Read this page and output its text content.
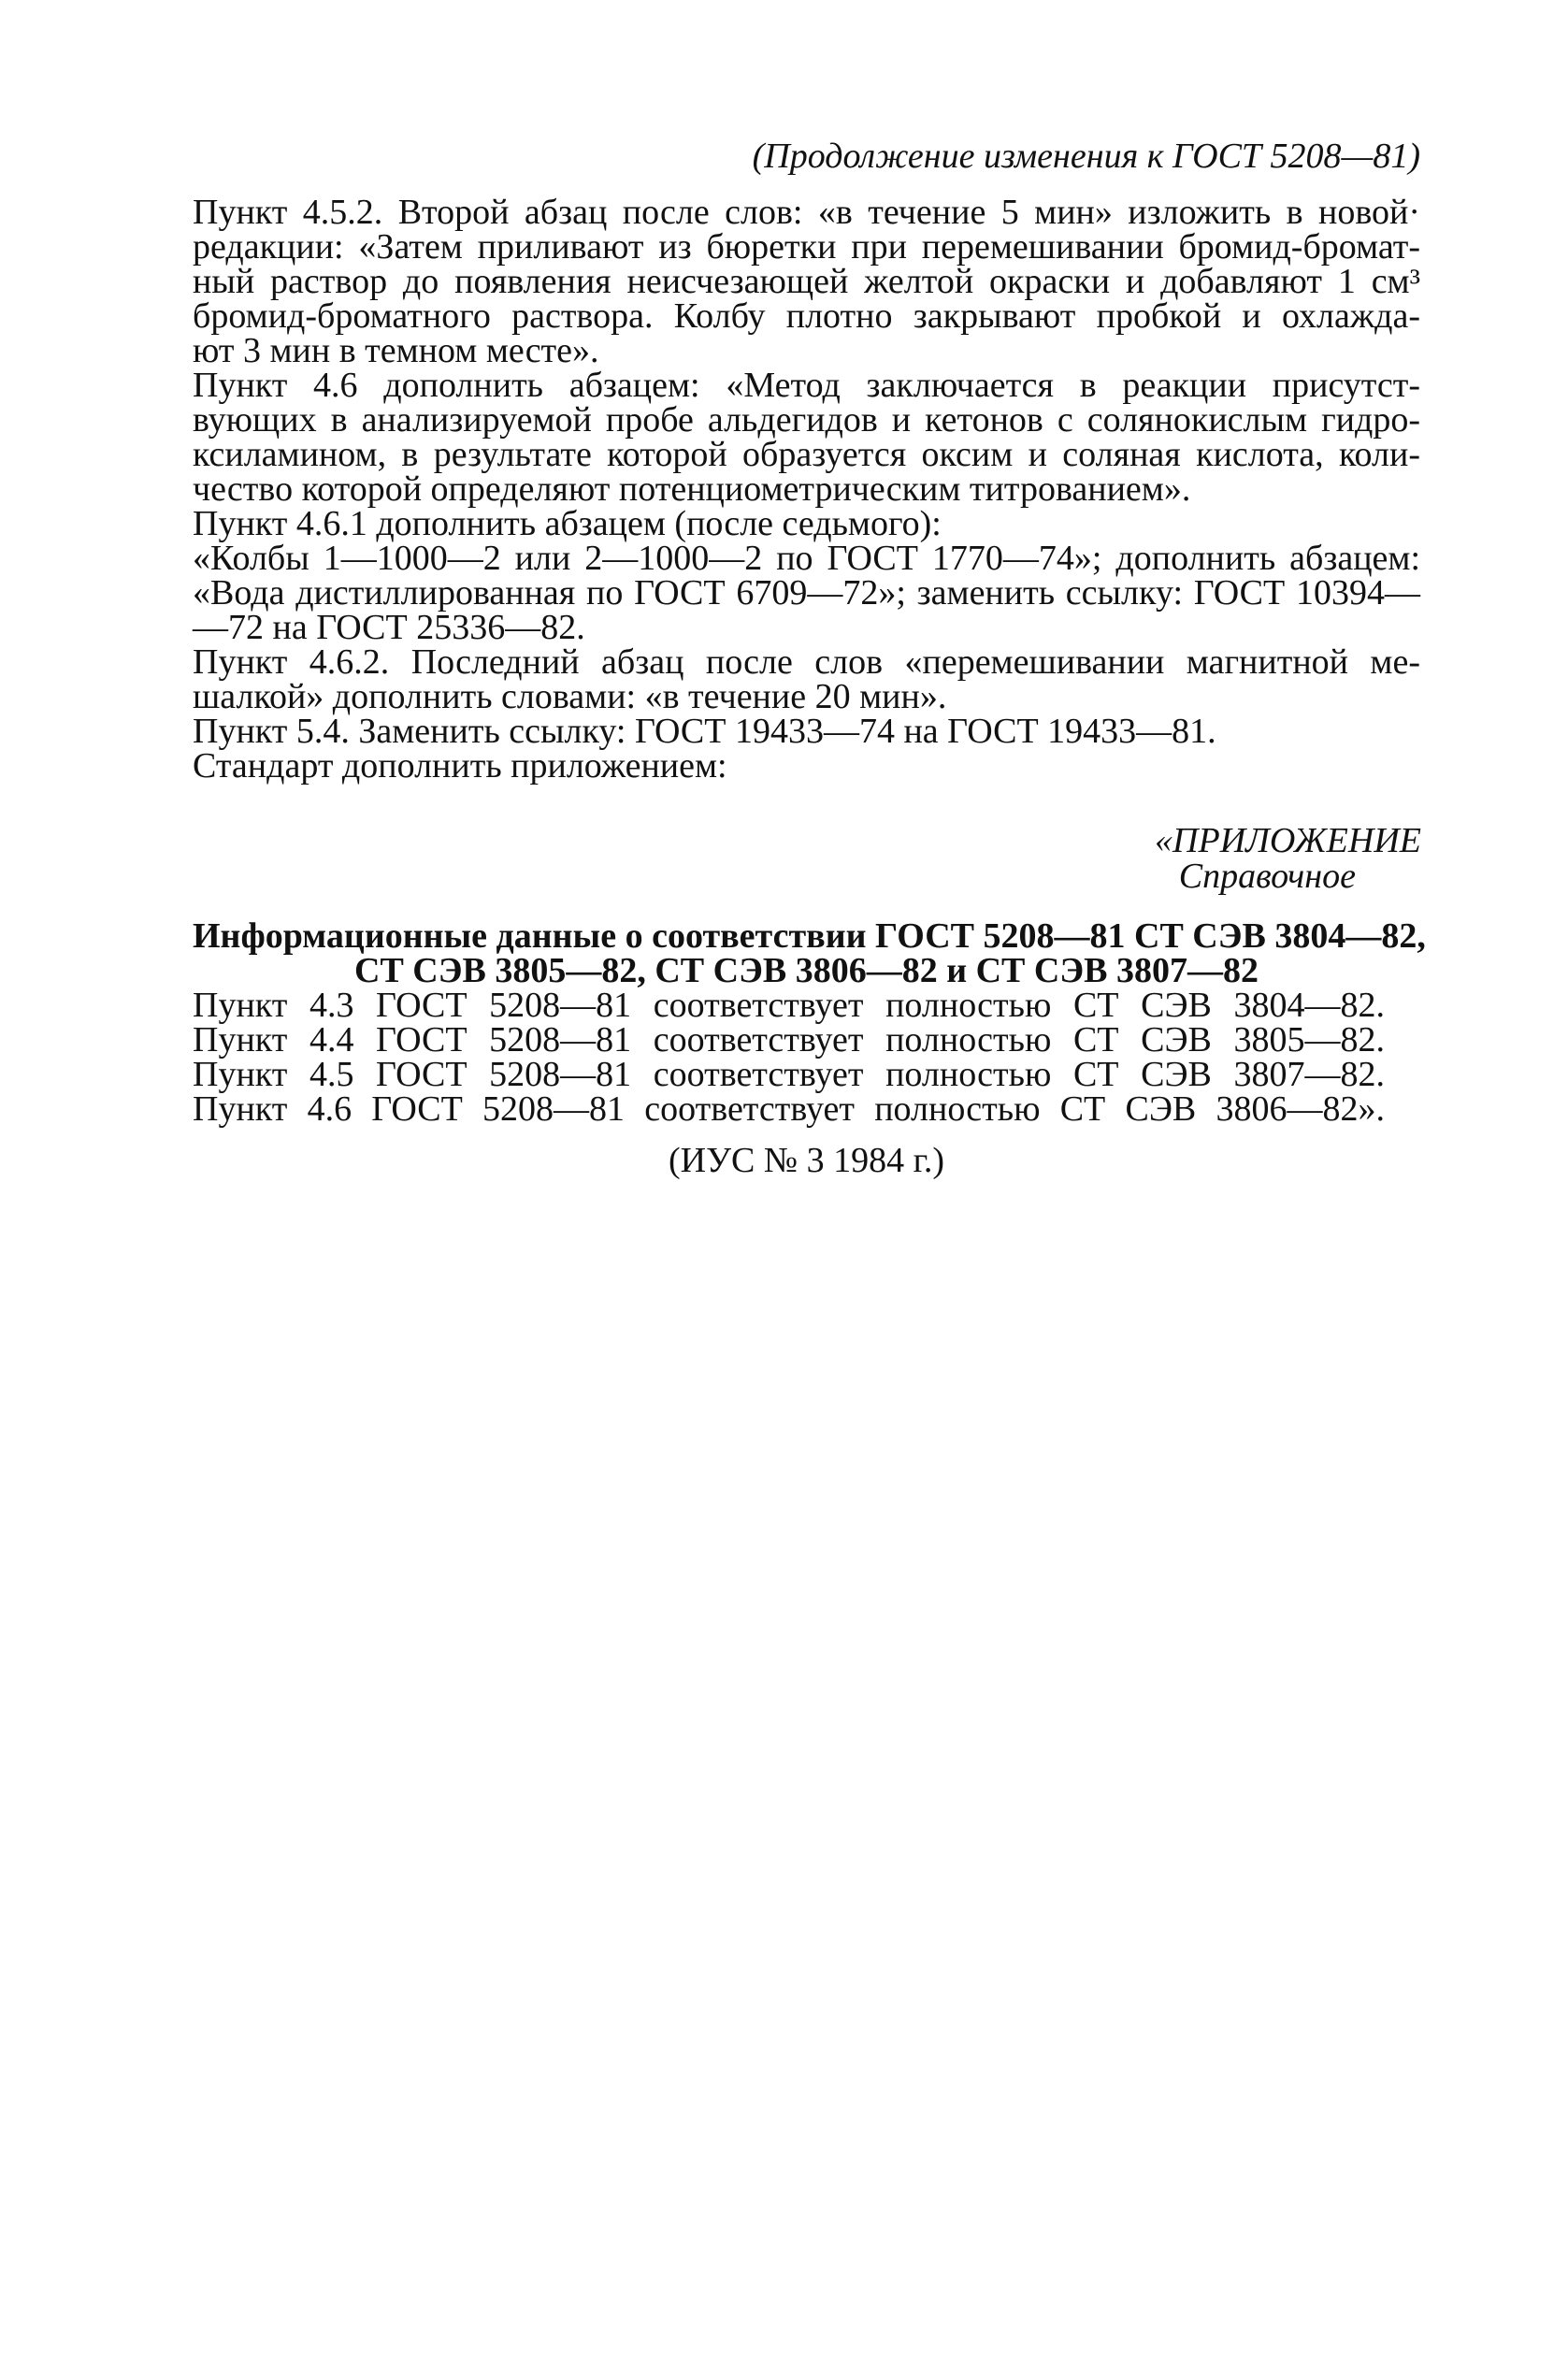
(Продолжение изменения к ГОСТ 5208—81)
Пункт 4.5.2. Второй абзац после слов: «в течение 5 мин» изложить в новой·
редакции: «Затем приливают из бюретки при перемешивании бромид-бромат-
ный раствор до появления неисчезающей желтой окраски и добавляют 1 см³
бромид-броматного раствора. Колбу плотно закрывают пробкой и охлажда-
ют 3 мин в темном месте».
Пункт 4.6 дополнить абзацем: «Метод заключается в реакции присутст-
вующих в анализируемой пробе альдегидов и кетонов с солянокислым гидро-
ксиламином, в результате которой образуется оксим и соляная кислота, коли-
чество которой определяют потенциометрическим титрованием».
Пункт 4.6.1 дополнить абзацем (после седьмого):
«Колбы 1—1000—2 или 2—1000—2 по ГОСТ 1770—74»; дополнить абзацем:
«Вода дистиллированная по ГОСТ 6709—72»; заменить ссылку: ГОСТ 10394—
—72 на ГОСТ 25336—82.
Пункт 4.6.2. Последний абзац после слов «перемешивании магнитной ме-
шалкой» дополнить словами: «в течение 20 мин».
Пункт 5.4. Заменить ссылку: ГОСТ 19433—74 на ГОСТ 19433—81.
Стандарт дополнить приложением:
«ПРИЛОЖЕНИЕ
Справочное
Информационные данные о соответствии ГОСТ 5208—81 СТ СЭВ 3804—82,
СТ СЭВ 3805—82, СТ СЭВ 3806—82 и СТ СЭВ 3807—82
Пункт 4.3 ГОСТ 5208—81 соответствует полностью СТ СЭВ 3804—82.
Пункт 4.4 ГОСТ 5208—81 соответствует полностью СТ СЭВ 3805—82.
Пункт 4.5 ГОСТ 5208—81 соответствует полностью СТ СЭВ 3807—82.
Пункт 4.6 ГОСТ 5208—81 соответствует полностью СТ СЭВ 3806—82».
(ИУС № 3 1984 г.)
